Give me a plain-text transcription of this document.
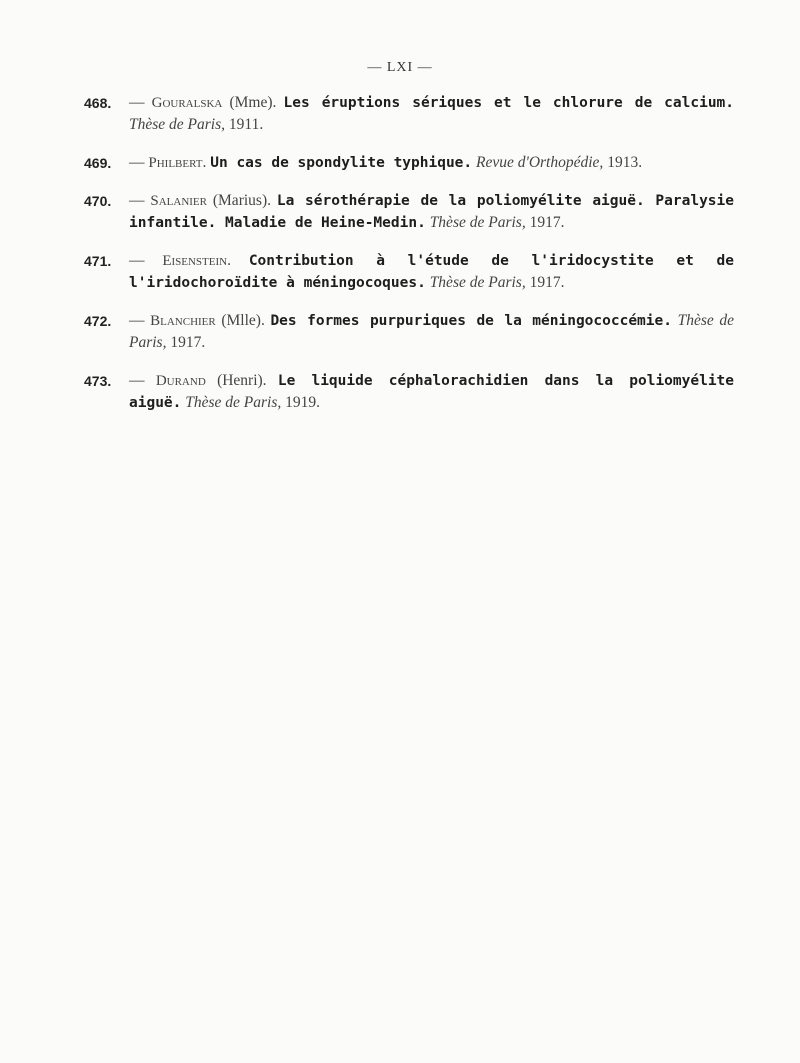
— LXI —
468. — Gouralska (Mme). Les éruptions sériques et le chlorure de calcium. Thèse de Paris, 1911.
469. — Philbert. Un cas de spondylite typhique. Revue d'Orthopédie, 1913.
470. — Salanier (Marius). La sérothérapie de la poliomyélite aiguë. Paralysie infantile. Maladie de Heine-Medin. Thèse de Paris, 1917.
471. — Eisenstein. Contribution à l'étude de l'iridocystite et de l'iridochoroïdite à méningocoques. Thèse de Paris, 1917.
472. — Blanchier (Mlle). Des formes purpuriques de la méningococcémie. Thèse de Paris, 1917.
473. — Durand (Henri). Le liquide céphalorachidien dans la poliomyélite aiguë. Thèse de Paris, 1919.
